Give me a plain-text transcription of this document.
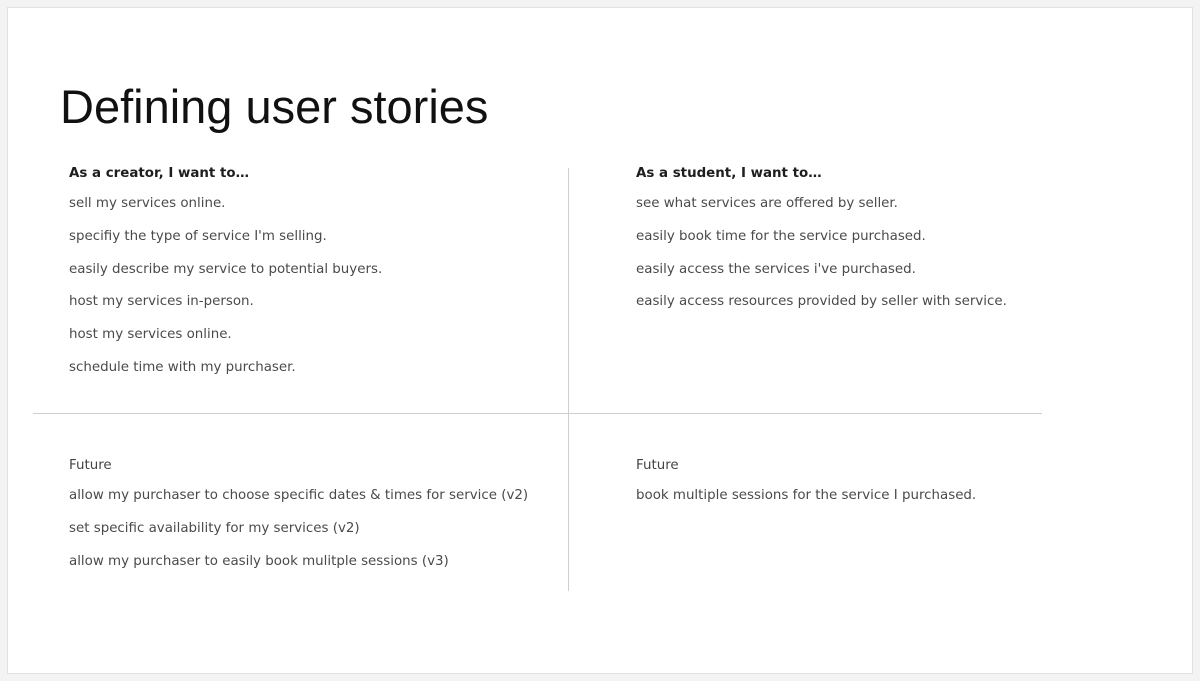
Defining user stories
As a creator, I want to…
sell my services online.
specifiy the type of service I'm selling.
easily describe my service to potential buyers.
host my services in-person.
host my services online.
schedule time with my purchaser.
As a student, I want to…
see what services are offered by seller.
easily book time for the service purchased.
easily access the services i've purchased.
easily access resources provided by seller with service.
Future
allow my purchaser to choose specific dates & times for service (v2)
set specific availability for my services (v2)
allow my purchaser to easily book mulitple sessions (v3)
Future
book multiple sessions for the service I purchased.
